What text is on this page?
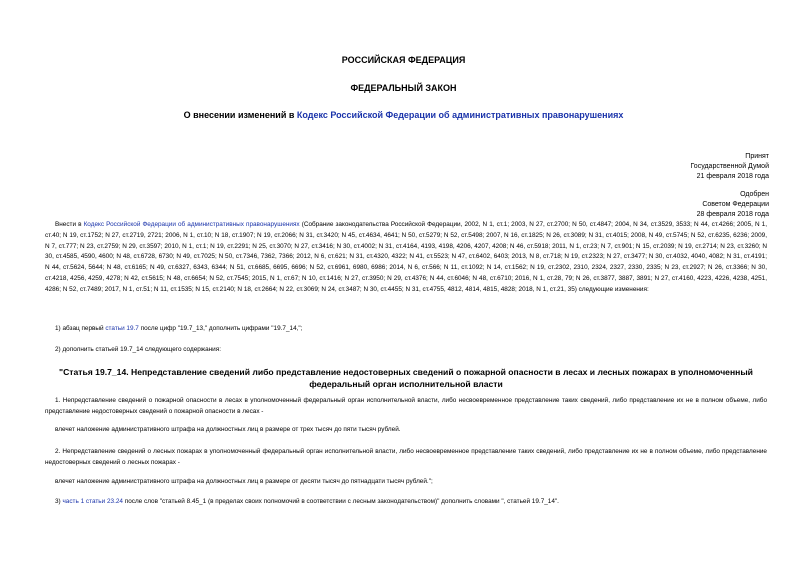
РОССИЙСКАЯ ФЕДЕРАЦИЯ
ФЕДЕРАЛЬНЫЙ ЗАКОН
О внесении изменений в Кодекс Российской Федерации об административных правонарушениях
Принят
Государственной Думой
21 февраля 2018 года
Одобрен
Советом Федерации
28 февраля 2018 года
Внести в Кодекс Российской Федерации об административных правонарушениях (Собрание законодательства Российской Федерации, 2002, N 1, ст.1; 2003, N 27, ст.2700; N 50, ст.4847; 2004, N 34, ст.3529, 3533; N 44, ст.4266; 2005, N 1, ст.40; N 19, ст.1752; N 27, ст.2719, 2721; 2006, N 1, ст.10; N 18, ст.1907; N 19, ст.2066; N 31, ст.3420; N 45, ст.4634, 4641; N 50, ст.5279; N 52, ст.5498; 2007, N 16, ст.1825; N 26, ст.3089; N 31, ст.4015; 2008, N 49, ст.5745; N 52, ст.6235, 6236; 2009, N 7, ст.777; N 23, ст.2759; N 29, ст.3597; 2010, N 1, ст.1; N 19, ст.2291; N 25, ст.3070; N 27, ст.3416; N 30, ст.4002; N 31, ст.4164, 4193, 4198, 4206, 4207, 4208; N 46, ст.5918; 2011, N 1, ст.23; N 7, ст.901; N 15, ст.2039; N 19, ст.2714; N 23, ст.3260; N 30, ст.4585, 4590, 4600; N 48, ст.6728, 6730; N 49, ст.7025; N 50, ст.7346, 7362, 7366; 2012, N 6, ст.621; N 31, ст.4320, 4322; N 41, ст.5523; N 47, ст.6402, 6403; 2013, N 8, ст.718; N 19, ст.2323; N 27, ст.3477; N 30, ст.4032, 4040, 4082; N 31, ст.4191; N 44, ст.5624, 5644; N 48, ст.6165; N 49, ст.6327, 6343, 6344; N 51, ст.6685, 6695, 6696; N 52, ст.6961, 6980, 6986; 2014, N 6, ст.566; N 11, ст.1092; N 14, ст.1562; N 19, ст.2302, 2310, 2324, 2327, 2330, 2335; N 23, ст.2927; N 26, ст.3366; N 30, ст.4218, 4256, 4259, 4278; N 42, ст.5615; N 48, ст.6654; N 52, ст.7545; 2015, N 1, ст.67; N 10, ст.1416; N 27, ст.3950; N 29, ст.4376; N 44, ст.6046; N 48, ст.6710; 2016, N 1, ст.28, 79; N 26, ст.3877, 3887, 3891; N 27, ст.4160, 4223, 4226, 4238, 4251, 4286; N 52, ст.7489; 2017, N 1, ст.51; N 11, ст.1535; N 15, ст.2140; N 18, ст.2664; N 22, ст.3069; N 24, ст.3487; N 30, ст.4455; N 31, ст.4755, 4812, 4814, 4815, 4828; 2018, N 1, ст.21, 35) следующие изменения:
1) абзац первый статьи 19.7 после цифр "19.7_13," дополнить цифрами "19.7_14,";
2) дополнить статьей 19.7_14 следующего содержания:
"Статья 19.7_14. Непредставление сведений либо представление недостоверных сведений о пожарной опасности в лесах и лесных пожарах в уполномоченный федеральный орган исполнительной власти
1. Непредставление сведений о пожарной опасности в лесах в уполномоченный федеральный орган исполнительной власти, либо несвоевременное представление таких сведений, либо представление их не в полном объеме, либо представление недостоверных сведений о пожарной опасности в лесах -
влечет наложение административного штрафа на должностных лиц в размере от трех тысяч до пяти тысяч рублей.
2. Непредставление сведений о лесных пожарах в уполномоченный федеральный орган исполнительной власти, либо несвоевременное представление таких сведений, либо представление их не в полном объеме, либо представление недостоверных сведений о лесных пожарах -
влечет наложение административного штрафа на должностных лиц в размере от десяти тысяч до пятнадцати тысяч рублей.";
3) часть 1 статьи 23.24 после слов "статьей 8.45_1 (в пределах своих полномочий в соответствии с лесным законодательством)" дополнить словами ", статьей 19.7_14".
